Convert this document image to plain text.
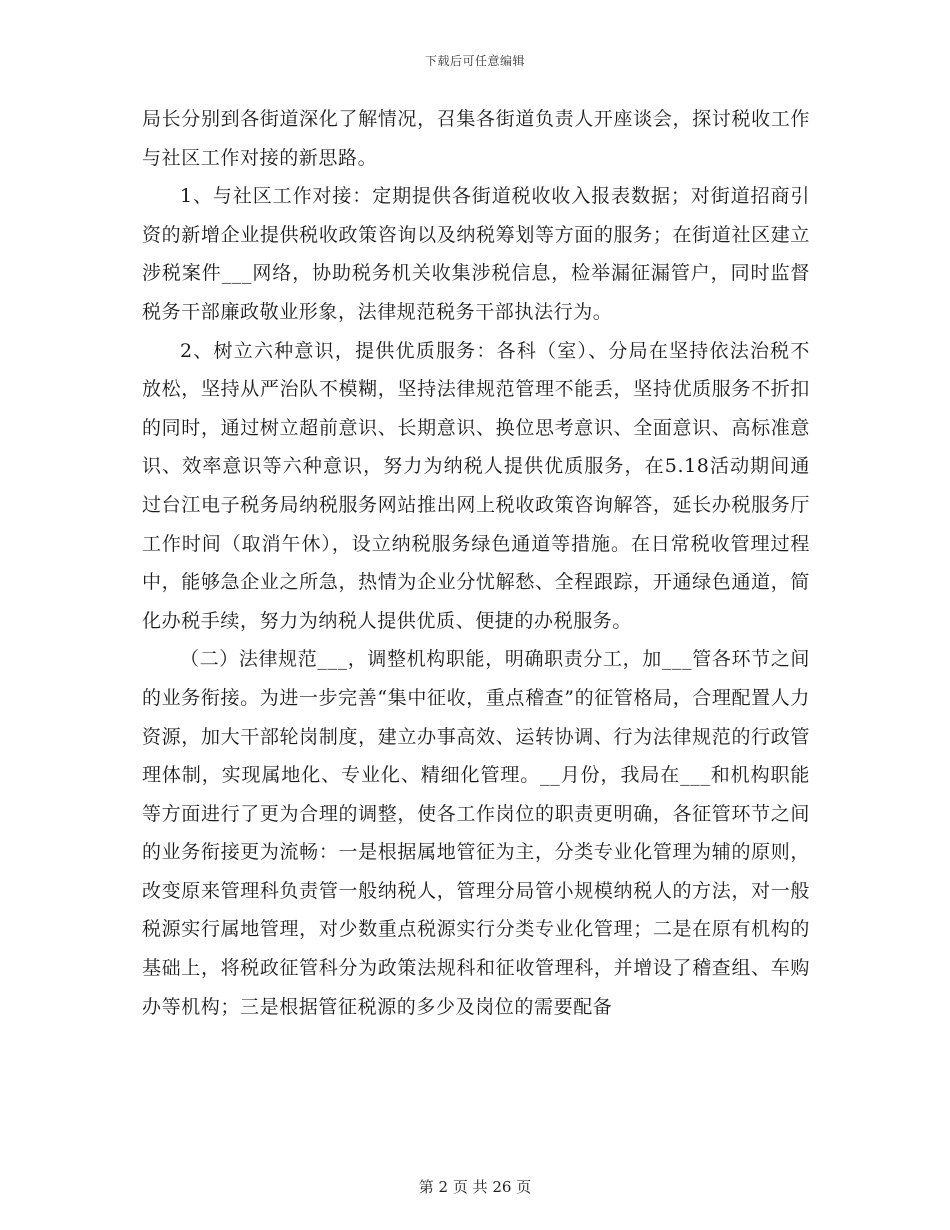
下载后可任意编辑

局长分别到各街道深化了解情况，召集各街道负责人开座谈会，探讨税收工作与社区工作对接的新思路。

1、与社区工作对接：定期提供各街道税收收入报表数据；对街道招商引资的新增企业提供税收政策咨询以及纳税筹划等方面的服务；在街道社区建立涉税案件___网络，协助税务机关收集涉税信息，检举漏征漏管户，同时监督税务干部廉政敬业形象，法律规范税务干部执法行为。

2、树立六种意识，提供优质服务：各科（室）、分局在坚持依法治税不放松，坚持从严治队不模糊，坚持法律规范管理不能丢，坚持优质服务不折扣的同时，通过树立超前意识、长期意识、换位思考意识、全面意识、高标准意识、效率意识等六种意识，努力为纳税人提供优质服务，在5.18活动期间通过台江电子税务局纳税服务网站推出网上税收政策咨询解答，延长办税服务厅工作时间（取消午休），设立纳税服务绿色通道等措施。在日常税收管理过程中，能够急企业之所急，热情为企业分忧解愁、全程跟踪，开通绿色通道，简化办税手续，努力为纳税人提供优质、便捷的办税服务。

（二）法律规范___，调整机构职能，明确职责分工，加___管各环节之间的业务衔接。为进一步完善“集中征收，重点稽查”的征管格局，合理配置人力资源，加大干部轮岗制度，建立办事高效、运转协调、行为法律规范的行政管理体制，实现属地化、专业化、精细化管理。__月份，我局在___和机构职能等方面进行了更为合理的调整，使各工作岗位的职责更明确，各征管环节之间的业务衔接更为流畅：一是根据属地管征为主，分类专业化管理为辅的原则，改变原来管理科负责管一般纳税人，管理分局管小规模纳税人的方法，对一般税源实行属地管理，对少数重点税源实行分类专业化管理；二是在原有机构的基础上，将税政征管科分为政策法规科和征收管理科，并增设了稽查组、车购办等机构；三是根据管征税源的多少及岗位的需要配备

第 2 页 共 26 页
